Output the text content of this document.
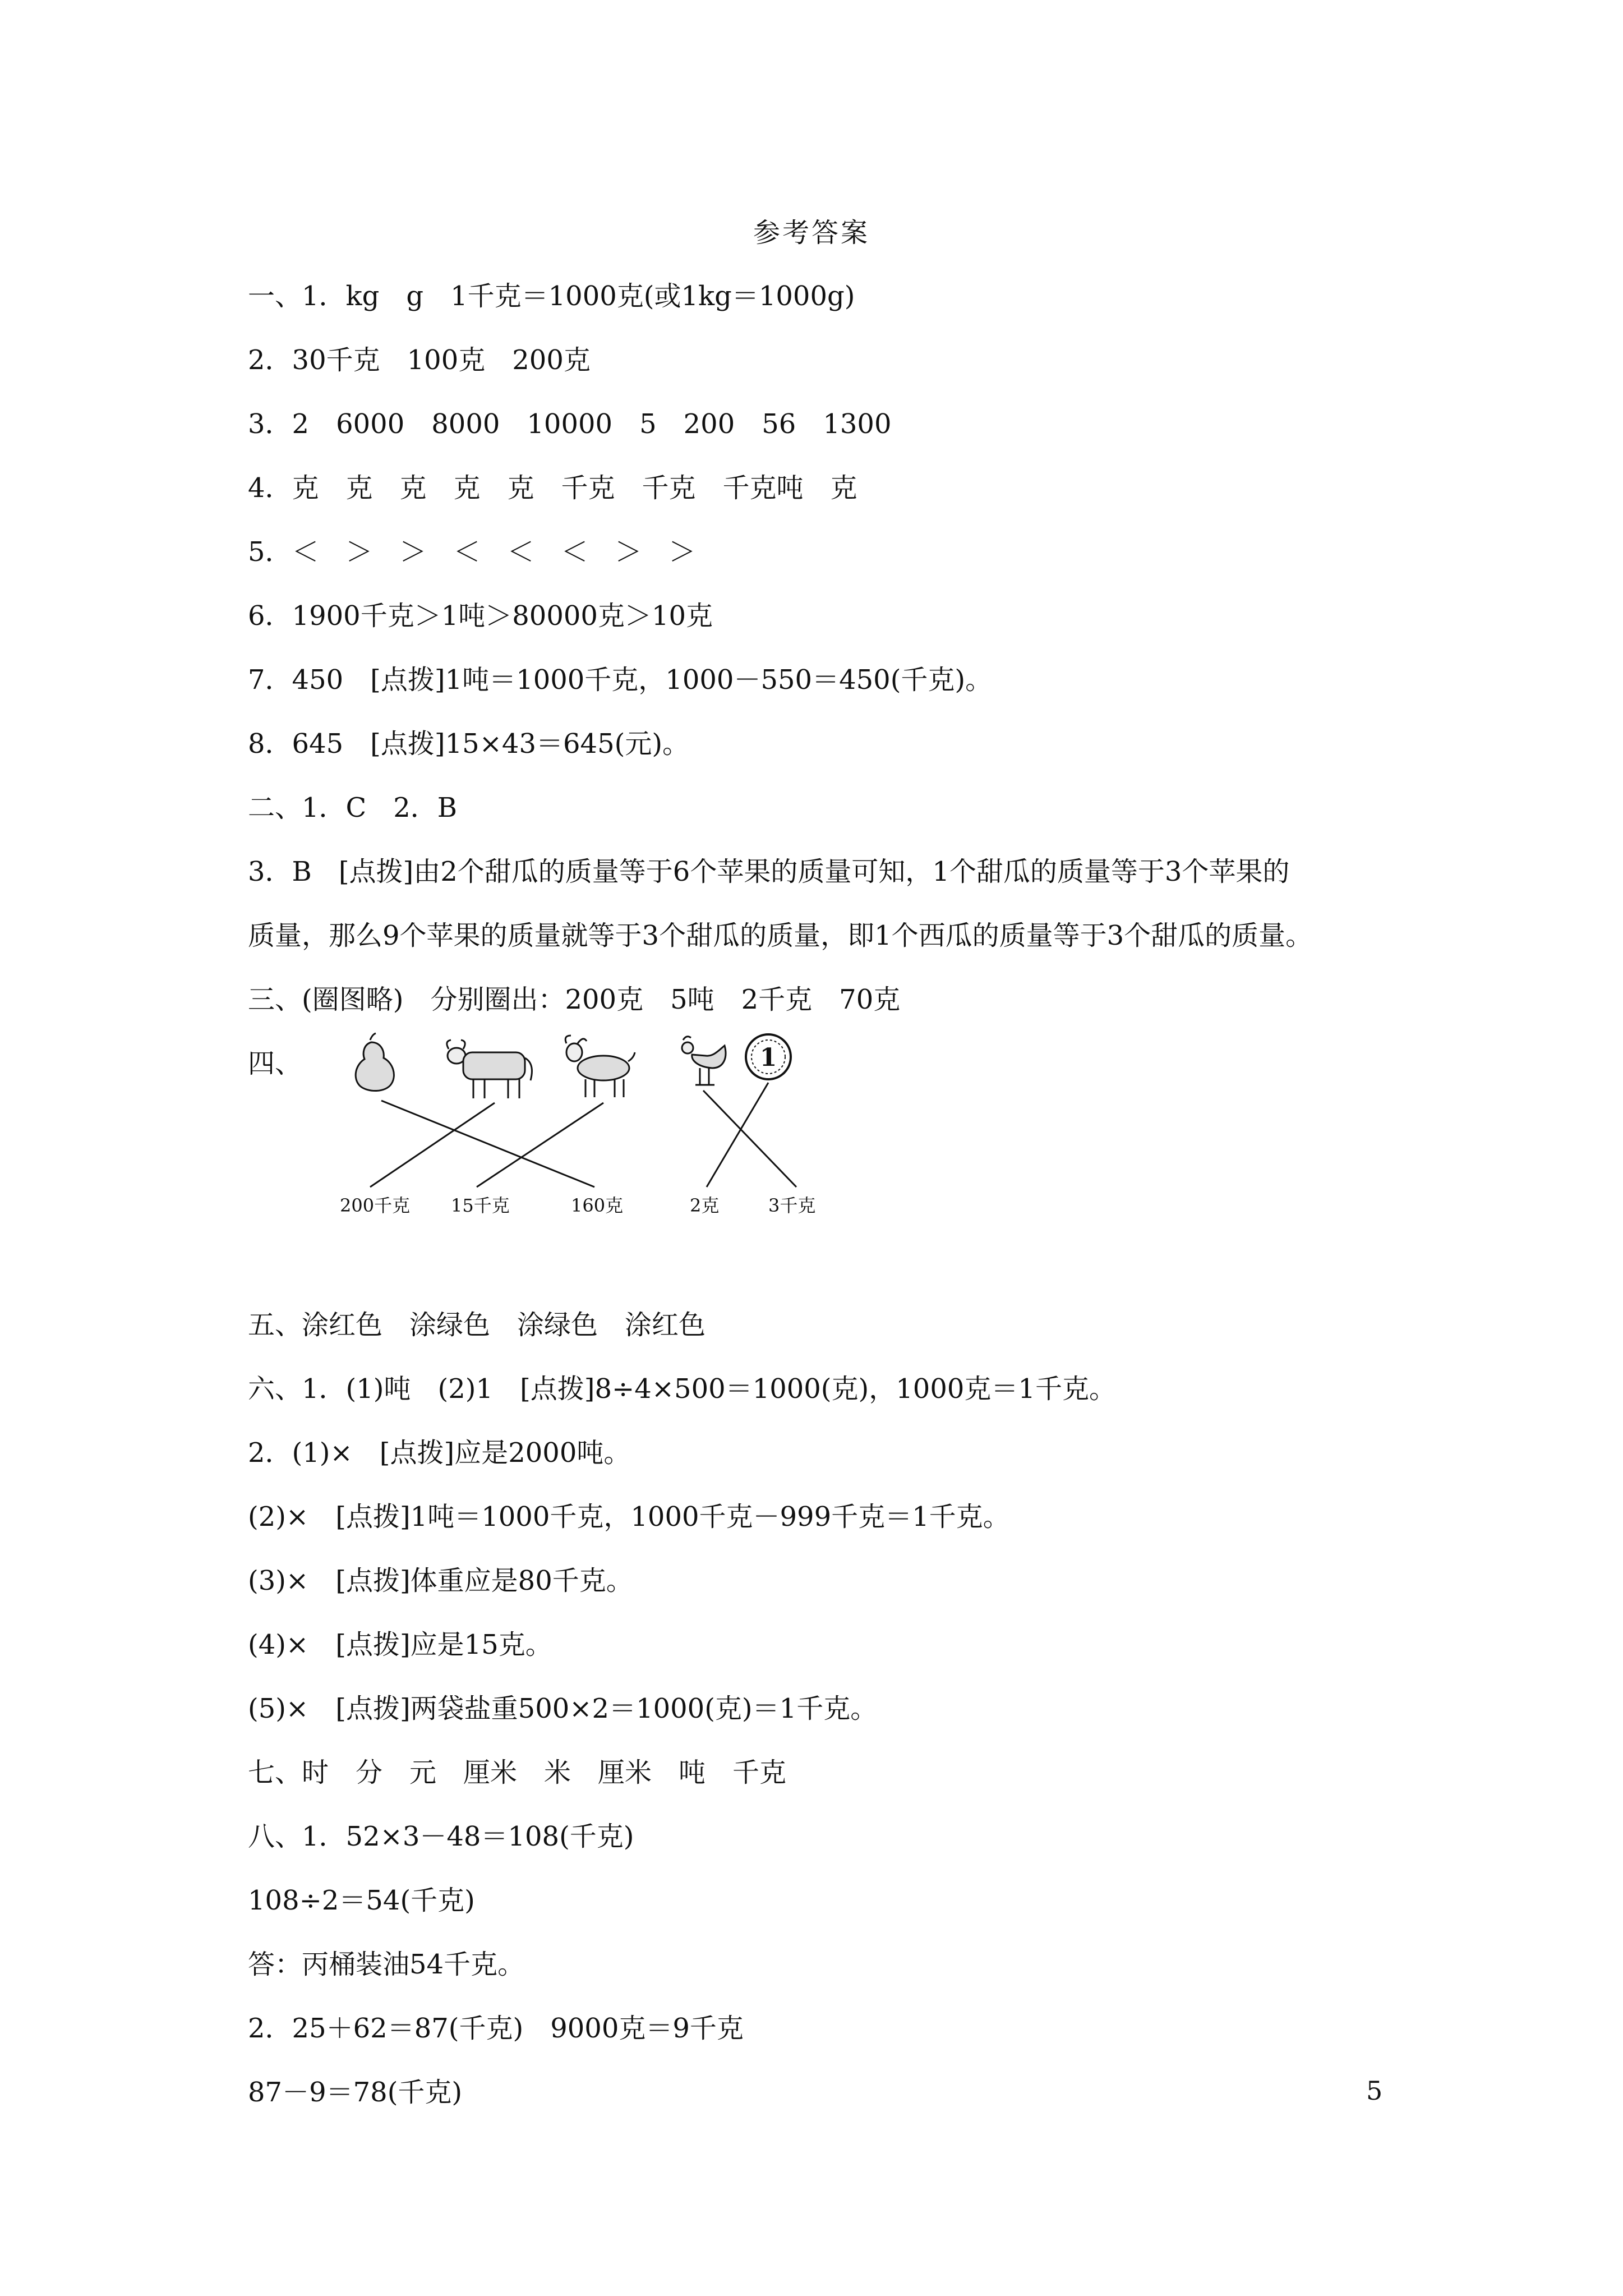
参考答案
一、1．kg　g　1千克＝1000克(或1kg＝1000g)
2．30千克　100克　200克
3．2　6000　8000　10000　5　200　56　1300
4．克　克　克　克　克　千克　千克　千克吨　克
5．＜　＞　＞　＜　＜　＜　＞　＞
6．1900千克＞1吨＞80000克＞10克
7．450　[点拨]1吨＝1000千克，1000－550＝450(千克)。
8．645　[点拨]15×43＝645(元)。
二、1．C　2．B
3．B　[点拨]由2个甜瓜的质量等于6个苹果的质量可知，1个甜瓜的质量等于3个苹果的
质量，那么9个苹果的质量就等于3个甜瓜的质量，即1个西瓜的质量等于3个甜瓜的质量。
三、(圈图略)　分别圈出：200克　5吨　2千克　70克
四、	1
200千克 15千克	160克	2克	3千克
五、涂红色　涂绿色　涂绿色　涂红色
六、1．(1)吨　(2)1　[点拨]8÷4×500＝1000(克)，1000克＝1千克。
2．(1)×　[点拨]应是2000吨。
(2)×　[点拨]1吨＝1000千克，1000千克－999千克＝1千克。
(3)×　[点拨]体重应是80千克。
(4)×　[点拨]应是15克。
(5)×　[点拨]两袋盐重500×2＝1000(克)＝1千克。
七、时　分　元　厘米　米　厘米　吨　千克
八、1．52×3－48＝108(千克)
108÷2＝54(千克)
答：丙桶装油54千克。
2．25＋62＝87(千克)　9000克＝9千克
87－9＝78(千克)	5
